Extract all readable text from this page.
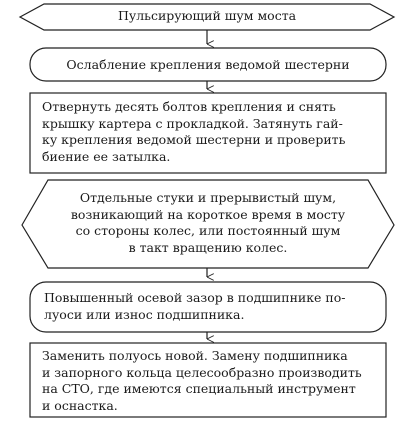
Пульсирующий шум моста
Ослабление крепления ведомой шестерни
Отвернуть десять болтов крепления и снять
крышку картера с прокладкой. Затянуть гай-
ку крепления ведомой шестерни и проверить
биение ее затылка.
Отдельные стуки и прерывистый шум,
возникающий на короткое время в мосту
со стороны колес, или постоянный шум
в такт вращению колес.
Повышенный осевой зазор в подшипнике по-
луоси или износ подшипника.
Заменить полуось новой. Замену подшипника
и запорного кольца целесообразно производить
на СТО, где имеются специальный инструмент
и оснастка.
